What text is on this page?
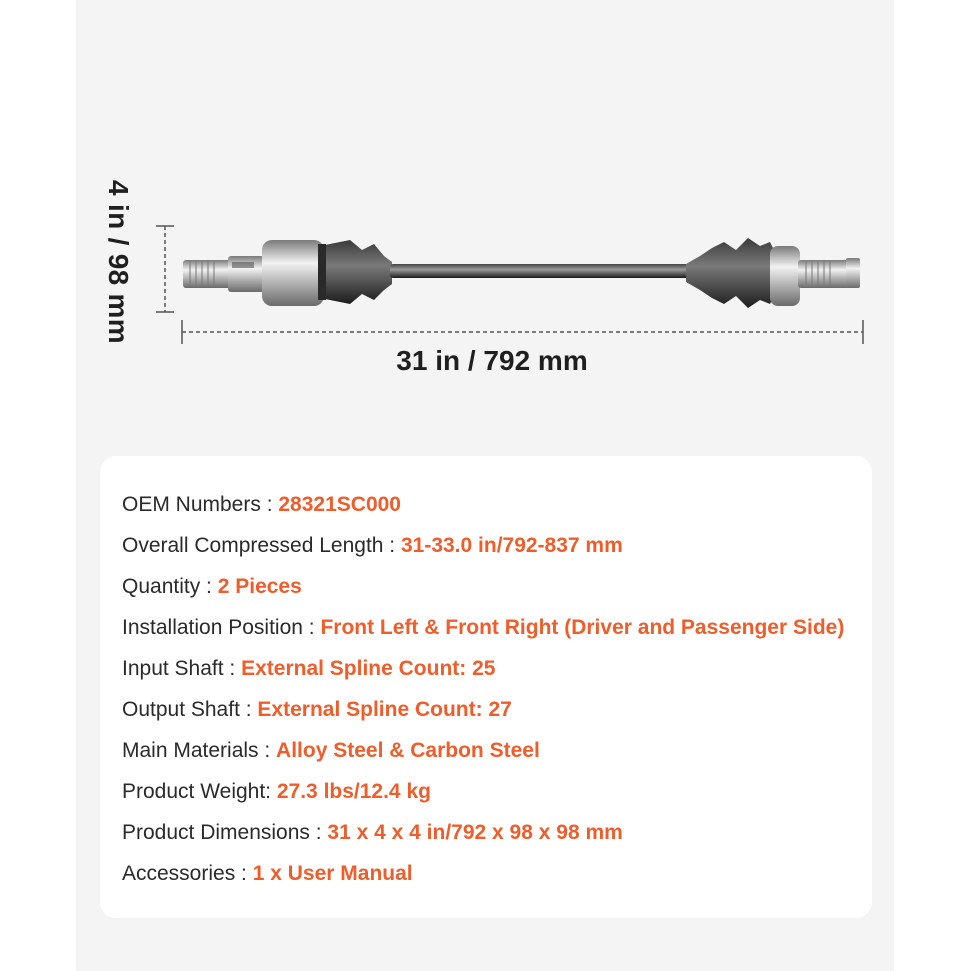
4 in / 98 mm
31 in / 792 mm
OEM Numbers : 28321SC000
Overall Compressed Length : 31-33.0 in/792-837 mm
Quantity : 2 Pieces
Installation Position : Front Left & Front Right (Driver and Passenger Side)
Input Shaft : External Spline Count: 25
Output Shaft : External Spline Count: 27
Main Materials : Alloy Steel & Carbon Steel
Product Weight: 27.3 lbs/12.4 kg
Product Dimensions : 31 x 4 x 4 in/792 x 98 x 98 mm
Accessories : 1 x User Manual
